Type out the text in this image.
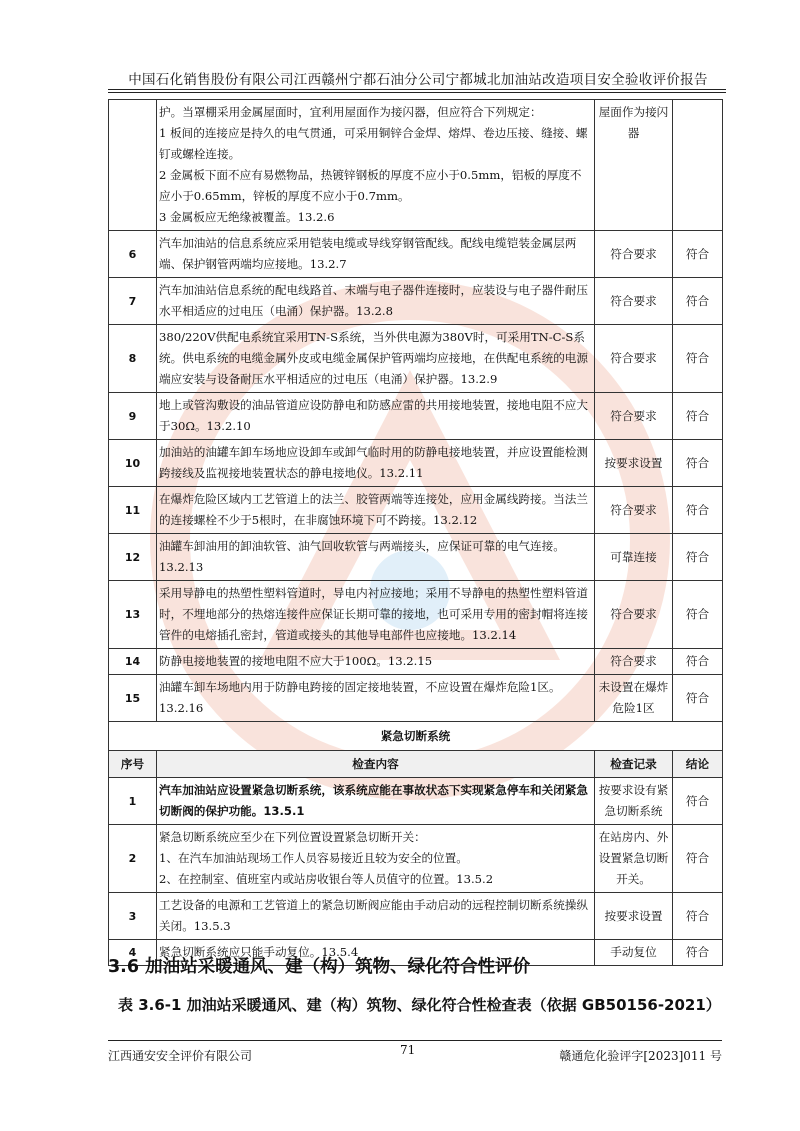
中国石化销售股份有限公司江西赣州宁都石油分公司宁都城北加油站改造项目安全验收评价报告

	护。当罩棚采用金属屋面时，宜利用屋面作为接闪器，但应符合下列规定：
1 板间的连接应是持久的电气贯通，可采用铜锌合金焊、熔焊、卷边压接、缝接、螺钉或螺栓连接。
2 金属板下面不应有易燃物品，热镀锌钢板的厚度不应小于0.5mm，铝板的厚度不应小于0.65mm，锌板的厚度不应小于0.7mm。
3 金属板应无绝缘被覆盖。13.2.6	屋面作为接闪器	
6	汽车加油站的信息系统应采用铠装电缆或导线穿钢管配线。配线电缆铠装金属层两端、保护钢管两端均应接地。13.2.7	符合要求	符合
7	汽车加油站信息系统的配电线路首、末端与电子器件连接时，应装设与电子器件耐压水平相适应的过电压（电涌）保护器。13.2.8	符合要求	符合
8	380/220V供配电系统宜采用TN-S系统，当外供电源为380V时，可采用TN-C-S系统。供电系统的电缆金属外皮或电缆金属保护管两端均应接地，在供配电系统的电源端应安装与设备耐压水平相适应的过电压（电涌）保护器。13.2.9	符合要求	符合
9	地上或管沟敷设的油品管道应设防静电和防感应雷的共用接地装置，接地电阻不应大于30Ω。13.2.10	符合要求	符合
10	加油站的油罐车卸车场地应设卸车或卸气临时用的防静电接地装置，并应设置能检测跨接线及监视接地装置状态的静电接地仪。13.2.11	按要求设置	符合
11	在爆炸危险区域内工艺管道上的法兰、胶管两端等连接处，应用金属线跨接。当法兰的连接螺栓不少于5根时，在非腐蚀环境下可不跨接。13.2.12	符合要求	符合
12	油罐车卸油用的卸油软管、油气回收软管与两端接头，应保证可靠的电气连接。13.2.13	可靠连接	符合
13	采用导静电的热塑性塑料管道时，导电内衬应接地；采用不导静电的热塑性塑料管道时，不埋地部分的热熔连接件应保证长期可靠的接地，也可采用专用的密封帽将连接管件的电熔插孔密封，管道或接头的其他导电部件也应接地。13.2.14	符合要求	符合
14	防静电接地装置的接地电阻不应大于100Ω。13.2.15	符合要求	符合
15	油罐车卸车场地内用于防静电跨接的固定接地装置，不应设置在爆炸危险1区。13.2.16	未设置在爆炸危险1区	符合
紧急切断系统			
序号	检查内容	检查记录	结论
1	汽车加油站应设置紧急切断系统，该系统应能在事故状态下实现紧急停车和关闭紧急切断阀的保护功能。13.5.1	按要求设有紧急切断系统	符合
2	紧急切断系统应至少在下列位置设置紧急切断开关：
1、在汽车加油站现场工作人员容易接近且较为安全的位置。
2、在控制室、值班室内或站房收银台等人员值守的位置。13.5.2	在站房内、外设置紧急切断开关。	符合
3	工艺设备的电源和工艺管道上的紧急切断阀应能由手动启动的远程控制切断系统操纵关闭。13.5.3	按要求设置	符合
4	紧急切断系统应只能手动复位。13.5.4	手动复位	符合
3.6 加油站采暖通风、建（构）筑物、绿化符合性评价
表 3.6-1 加油站采暖通风、建（构）筑物、绿化符合性检查表（依据 GB50156-2021）
江西通安安全评价有限公司	71	赣通危化验评字[2023]011 号
